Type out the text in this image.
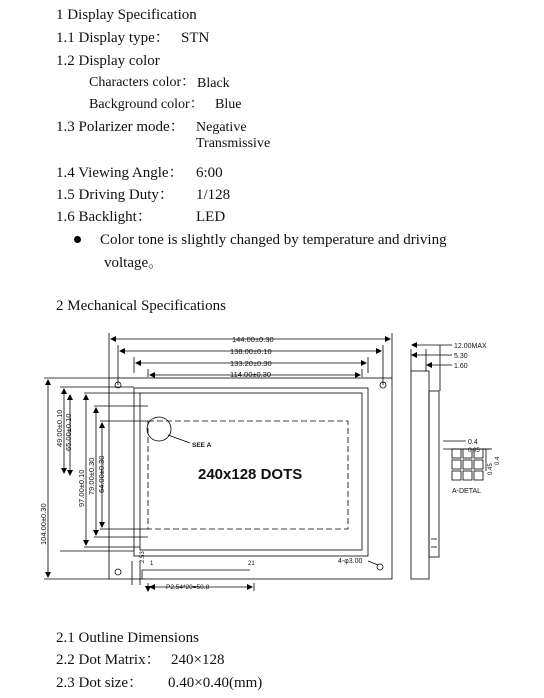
1 Display Specification
1.1 Display type： STN
1.2 Display color
Characters color： Black
Background color： Blue
1.3 Polarizer mode： Negative
Transmissive
1.4 Viewing Angle： 6:00
1.5 Driving Duty： 1/128
1.6 Backlight：	LED
Color tone is slightly changed by temperature and driving
voltage。
2 Mechanical Specifications
144.00±0.30
138.00±0.10
133.20±0.30
114.00±0.30
104.00±0.30
49.00±0.10 65.00±0.10
97.00±0.10 79.00±0.30 64.00±0.30
SEE A
240x128 DOTS
1	21	4-φ3.00
P2.54*20=50.8
2.53
12.00MAX
5.30
1.60
0.4
0.05
0.45
0.4
A-DETAL
2.1 Outline Dimensions
2.2 Dot Matrix： 240×128
2.3 Dot size： 0.40×0.40(mm)
